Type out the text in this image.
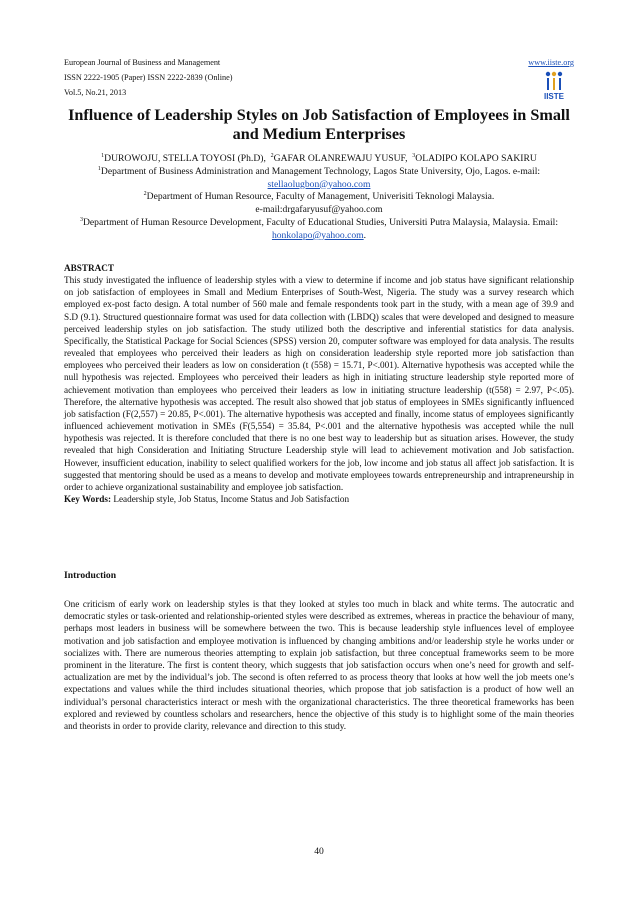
European Journal of Business and Management	www.iiste.org
ISSN 2222-1905 (Paper) ISSN 2222-2839 (Online)
Vol.5, No.21, 2013	IISTE
Influence of Leadership Styles on Job Satisfaction of Employees in Small and Medium Enterprises

$^1$DUROWOJU, STELLA TOYOSI (Ph.D), $^2$GAFAR OLANREWAJU YUSUF, $^3$OLADIPO KOLAPO SAKIRU

$^1$Department of Business Administration and Management Technology, Lagos State University, Ojo, Lagos. e-mail: stellaolugbon@yahoo.com

$^2$Department of Human Resource, Faculty of Management, Univerisiti Teknologi Malaysia.
e-mail:drgafaryusuf@yahoo.com

$^3$Department of Human Resource Development, Faculty of Educational Studies, Universiti Putra Malaysia, Malaysia. Email: honkolapo@yahoo.com.

ABSTRACT

This study investigated the influence of leadership styles with a view to determine if income and job status have significant relationship on job satisfaction of employees in Small and Medium Enterprises of South-West, Nigeria. The study was a survey research which employed ex-post facto design. A total number of 560 male and female respondents took part in the study, with a mean age of 39.9 and S.D (9.1). Structured questionnaire format was used for data collection with (LBDQ) scales that were developed and designed to measure perceived leadership styles on job satisfaction. The study utilized both the descriptive and inferential statistics for data analysis. Specifically, the Statistical Package for Social Sciences (SPSS) version 20, computer software was employed for data analysis. The results revealed that employees who perceived their leaders as high on consideration leadership style reported more job satisfaction than employees who perceived their leaders as low on consideration (t (558) = 15.71, P<.001). Alternative hypothesis was accepted while the null hypothesis was rejected. Employees who perceived their leaders as high in initiating structure leadership style reported more of achievement motivation than employees who perceived their leaders as low in initiating structure leadership (t(558) = 2.97, P<.05). Therefore, the alternative hypothesis was accepted. The result also showed that job status of employees in SMEs significantly influenced job satisfaction (F(2,557) = 20.85, P<.001). The alternative hypothesis was accepted and finally, income status of employees significantly influenced achievement motivation in SMEs (F(5,554) = 35.84, P<.001 and the alternative hypothesis was accepted while the null hypothesis was rejected. It is therefore concluded that there is no one best way to leadership but as situation arises. However, the study revealed that high Consideration and Initiating Structure Leadership style will lead to achievement motivation and Job satisfaction. However, insufficient education, inability to select qualified workers for the job, low income and job status all affect job satisfaction. It is suggested that mentoring should be used as a means to develop and motivate employees towards entrepreneurship and intrapreneurship in order to achieve organizational sustainability and employee job satisfaction.

Key Words: Leadership style, Job Status, Income Status and Job Satisfaction

Introduction

One criticism of early work on leadership styles is that they looked at styles too much in black and white terms. The autocratic and democratic styles or task-oriented and relationship-oriented styles were described as extremes, whereas in practice the behaviour of many, perhaps most leaders in business will be somewhere between the two. This is because leadership style influences level of employee motivation and job satisfaction and employee motivation is influenced by changing ambitions and/or leadership style he works under or socializes with. There are numerous theories attempting to explain job satisfaction, but three conceptual frameworks seem to be more prominent in the literature. The first is content theory, which suggests that job satisfaction occurs when one’s need for growth and self-actualization are met by the individual’s job. The second is often referred to as process theory that looks at how well the job meets one’s expectations and values while the third includes situational theories, which propose that job satisfaction is a product of how well an individual’s personal characteristics interact or mesh with the organizational characteristics. The three theoretical frameworks has been explored and reviewed by countless scholars and researchers, hence the objective of this study is to highlight some of the main theories and theorists in order to provide clarity, relevance and direction to this study.

40
